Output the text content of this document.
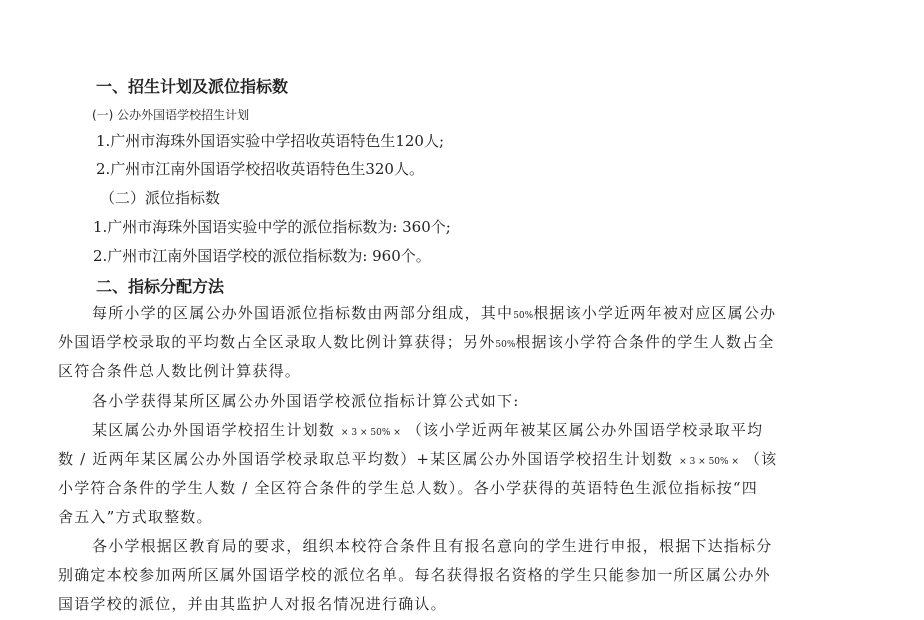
一、招生计划及派位指标数
(一) 公办外国语学校招生计划
1.广州市海珠外国语实验中学招收英语特色生120人;
2.广州市江南外国语学校招收英语特色生320人。
（二）派位指标数
1.广州市海珠外国语实验中学的派位指标数为: 360个;
2.广州市江南外国语学校的派位指标数为: 960个。
二、指标分配方法
每所小学的区属公办外国语派位指标数由两部分组成，其中50%根据该小学近两年被对应区属公办
外国语学校录取的平均数占全区录取人数比例计算获得；另外50%根据该小学符合条件的学生人数占全
区符合条件总人数比例计算获得。
各小学获得某所区属公办外国语学校派位指标计算公式如下:
某区属公办外国语学校招生计划数 × 3 × 50% × （该小学近两年被某区属公办外国语学校录取平均
数 / 近两年某区属公办外国语学校录取总平均数）+某区属公办外国语学校招生计划数 × 3 × 50% × （该
小学符合条件的学生人数 / 全区符合条件的学生总人数）。各小学获得的英语特色生派位指标按“四
舍五入”方式取整数。
各小学根据区教育局的要求，组织本校符合条件且有报名意向的学生进行申报，根据下达指标分
别确定本校参加两所区属外国语学校的派位名单。每名获得报名资格的学生只能参加一所区属公办外
国语学校的派位，并由其监护人对报名情况进行确认。
